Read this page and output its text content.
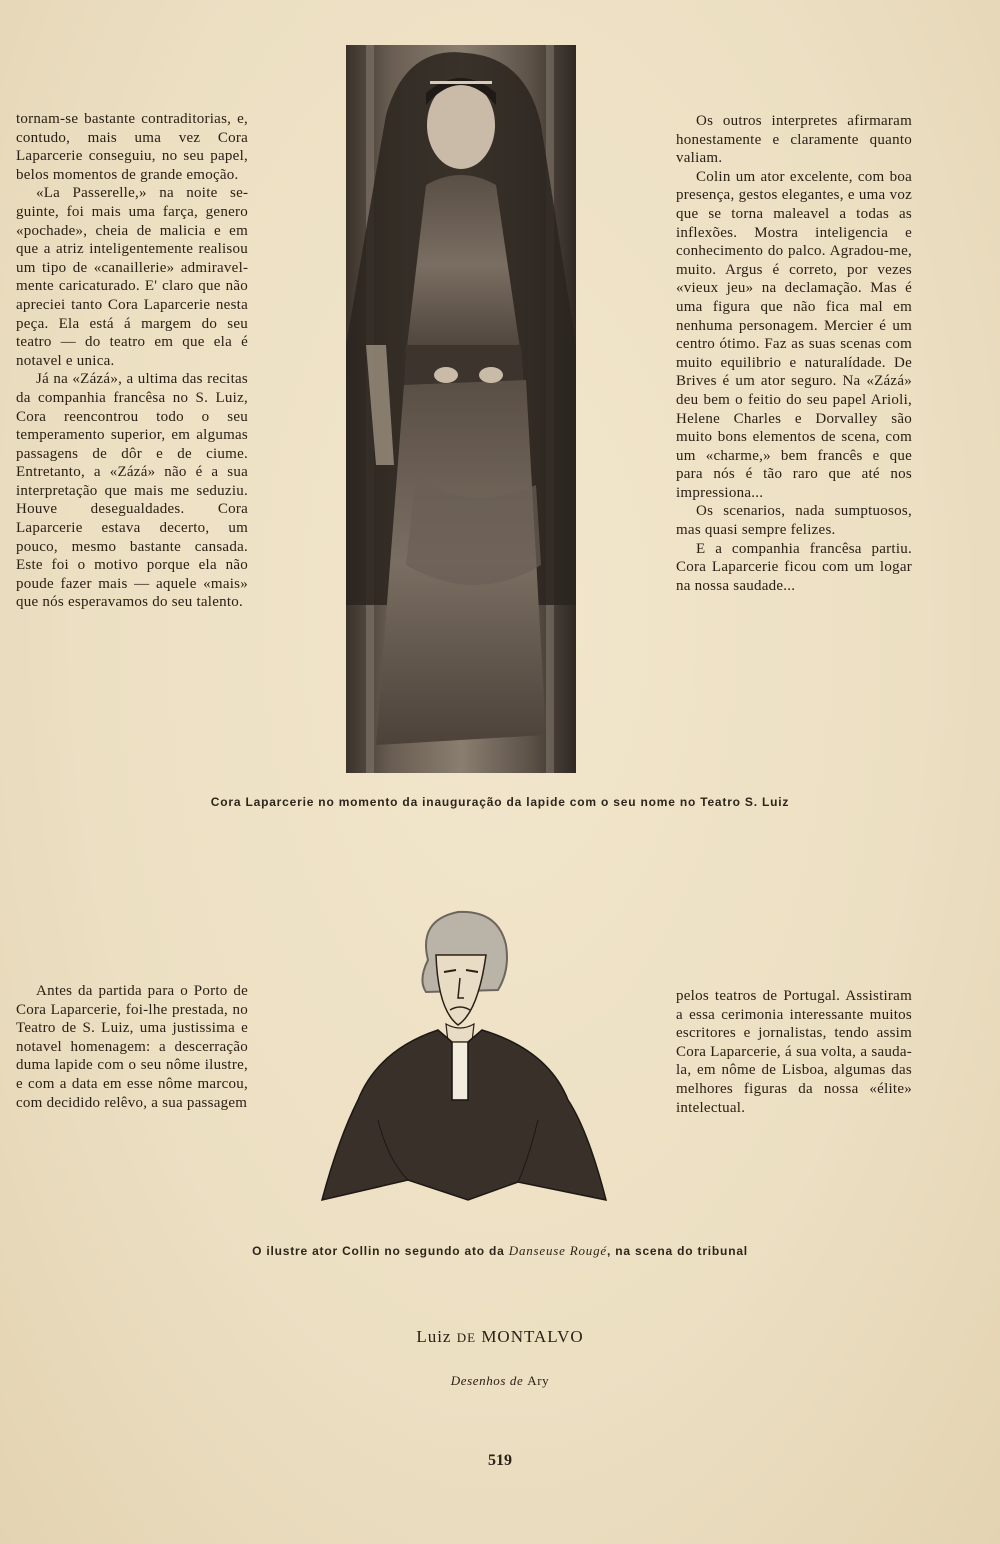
tornam-se bastante contraditorias, e, contudo, mais uma vez Cora Laparcerie conseguiu, no seu papel, belos momentos de grande emoção.

«La Passerelle,» na noite seguinte, foi mais uma farça, genero «pochade», cheia de malicia e em que a atriz inteligentemente realisou um tipo de «canaillerie» admiravelmente caricaturado. E' claro que não apreciei tanto Cora Laparcerie nesta peça. Ela está á margem do seu teatro — do teatro em que ela é notavel e unica.

Já na «Zázá», a ultima das recitas da companhia francêsa no S. Luiz, Cora reencontrou todo o seu temperamento superior, em algumas passagens de dôr e de ciume. Entretanto, a «Zázá» não é a sua interpretação que mais me seduziu. Houve desegualdades. Cora Laparcerie estava decerto, um pouco, mesmo bastante cansada. Este foi o motivo porque ela não poude fazer mais — aquele «mais» que nós esperavamos do seu talento.

Os outros interpretes afirmaram honestamente e claramente quanto valiam.

Colin um ator excelente, com boa presença, gestos elegantes, e uma voz que se torna maleavel a todas as inflexões. Mostra inteligencia e conhecimento do palco. Agradou-me, muito. Argus é correto, por vezes «vieux jeu» na declamação. Mas é uma figura que não fica mal em nenhuma personagem. Mercier é um centro ótimo. Faz as suas scenas com muito equilibrio e naturalídade. De Brives é um ator seguro. Na «Zázá» deu bem o feitio do seu papel Arioli, Helene Charles e Dorvalley são muito bons elementos de scena, com um «charme,» bem francês e que para nós é tão raro que até nos impressiona...

Os scenarios, nada sumptuosos, mas quasi sempre felizes.

E a companhia francêsa partiu. Cora Laparcerie ficou com um logar na nossa saudade...

Cora Laparcerie no momento da inauguração da lapide com o seu nome no Teatro S. Luiz

Antes da partida para o Porto de Cora Laparcerie, foi-lhe prestada, no Teatro de S. Luiz, uma justissima e notavel homenagem: a descerração duma lapide com o seu nôme ilustre, e com a data em esse nôme marcou, com decidido relêvo, a sua passagem

pelos teatros de Portugal. Assistiram a essa cerimonia interessante muitos escritores e jornalistas, tendo assim Cora Laparcerie, á sua volta, a sauda-la, em nôme de Lisboa, algumas das melhores figuras da nossa «élite» intelectual.

O ilustre ator Collin no segundo ato da Danseuse Rougé, na scena do tribunal
Luiz DE MONTALVO
Desenhos de Ary
519
